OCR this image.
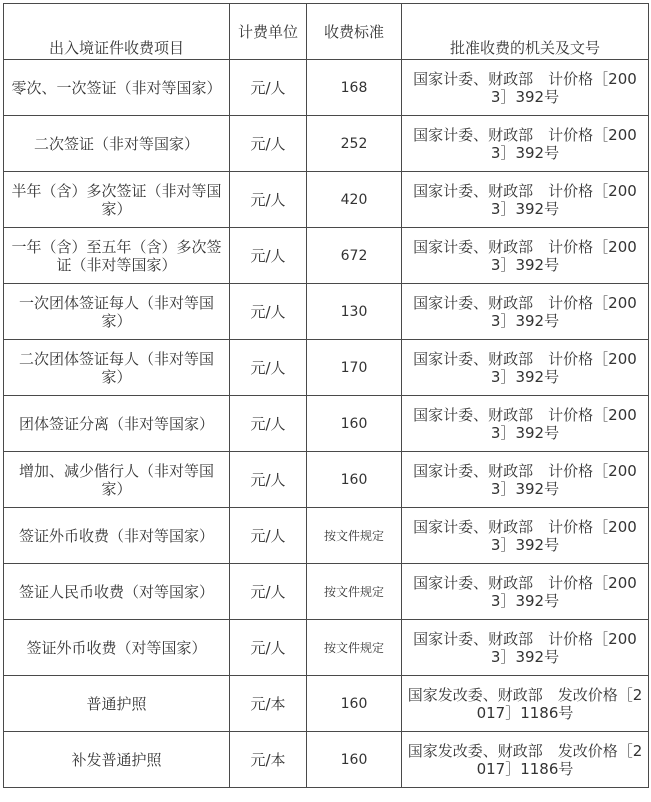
出入境证件收费项目	计费单位	收费标准	批准收费的机关及文号
零次、一次签证（非对等国家）	元/人	168	国家计委、财政部　计价格［2003］392号
二次签证（非对等国家）	元/人	252	国家计委、财政部　计价格［2003］392号
半年（含）多次签证（非对等国家）	元/人	420	国家计委、财政部　计价格［2003］392号
一年（含）至五年（含）多次签证（非对等国家）	元/人	672	国家计委、财政部　计价格［2003］392号
一次团体签证每人（非对等国家）	元/人	130	国家计委、财政部　计价格［2003］392号
二次团体签证每人（非对等国家）	元/人	170	国家计委、财政部　计价格［2003］392号
团体签证分离（非对等国家）	元/人	160	国家计委、财政部　计价格［2003］392号
增加、减少偕行人（非对等国家）	元/人	160	国家计委、财政部　计价格［2003］392号
签证外币收费（非对等国家）	元/人	按文件规定	国家计委、财政部　计价格［2003］392号
签证人民币收费（对等国家）	元/人	按文件规定	国家计委、财政部　计价格［2003］392号
签证外币收费（对等国家）	元/人	按文件规定	国家计委、财政部　计价格［2003］392号
普通护照	元/本	160	国家发改委、财政部　发改价格［2017］1186号
补发普通护照	元/本	160	国家发改委、财政部　发改价格［2017］1186号
